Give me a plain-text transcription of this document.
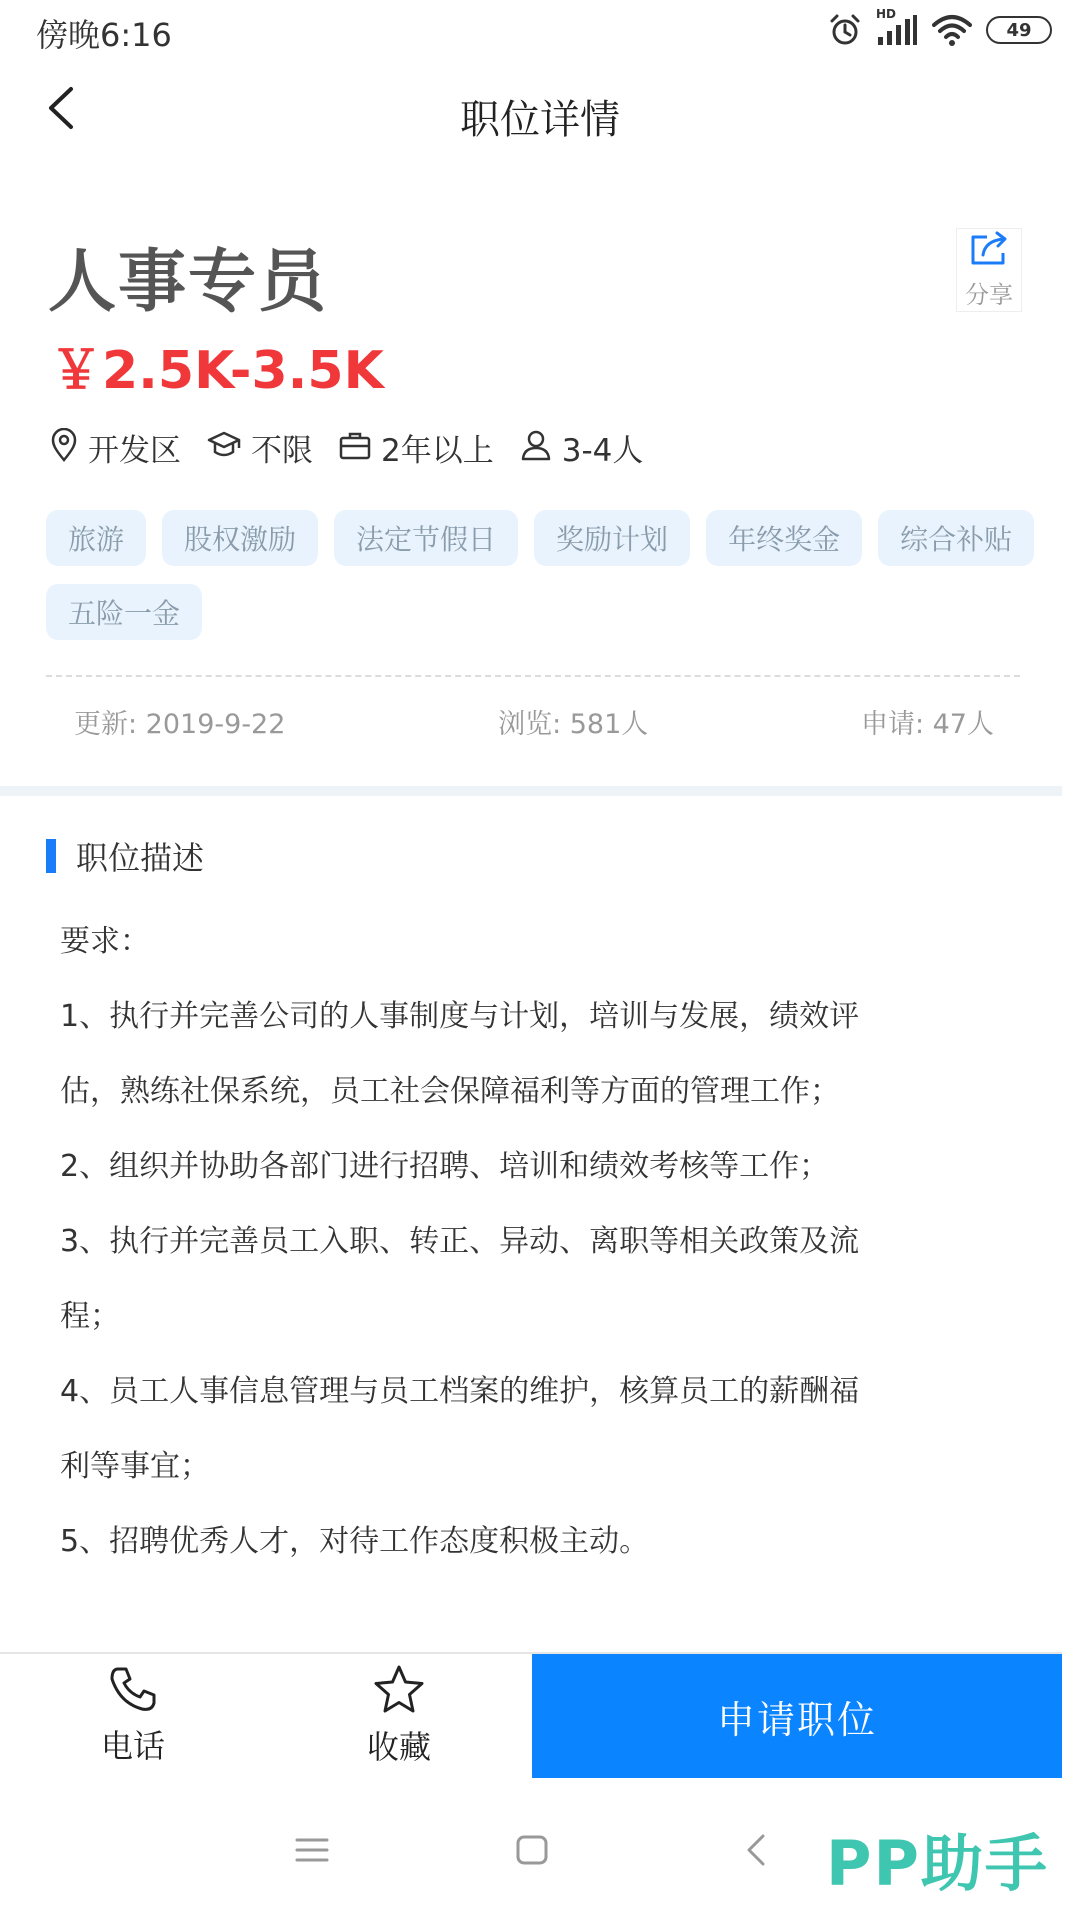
傍晚6:16
HD
49
职位详情
人事专员
￥2.5K-3.5K
分享
开发区 不限 2年以上 3-4人
旅游	股权激励	法定节假日	奖励计划	年终奖金	综合补贴
五险一金
更新: 2019-9-22	浏览: 581人	申请: 47人
职位描述
要求：
1、执行并完善公司的人事制度与计划，培训与发展，绩效评
估，熟练社保系统，员工社会保障福利等方面的管理工作；
2、组织并协助各部门进行招聘、培训和绩效考核等工作；
3、执行并完善员工入职、转正、异动、离职等相关政策及流
程；
4、员工人事信息管理与员工档案的维护，核算员工的薪酬福
利等事宜；
5、招聘优秀人才，对待工作态度积极主动。
电话	收藏
申请职位
PP助手
